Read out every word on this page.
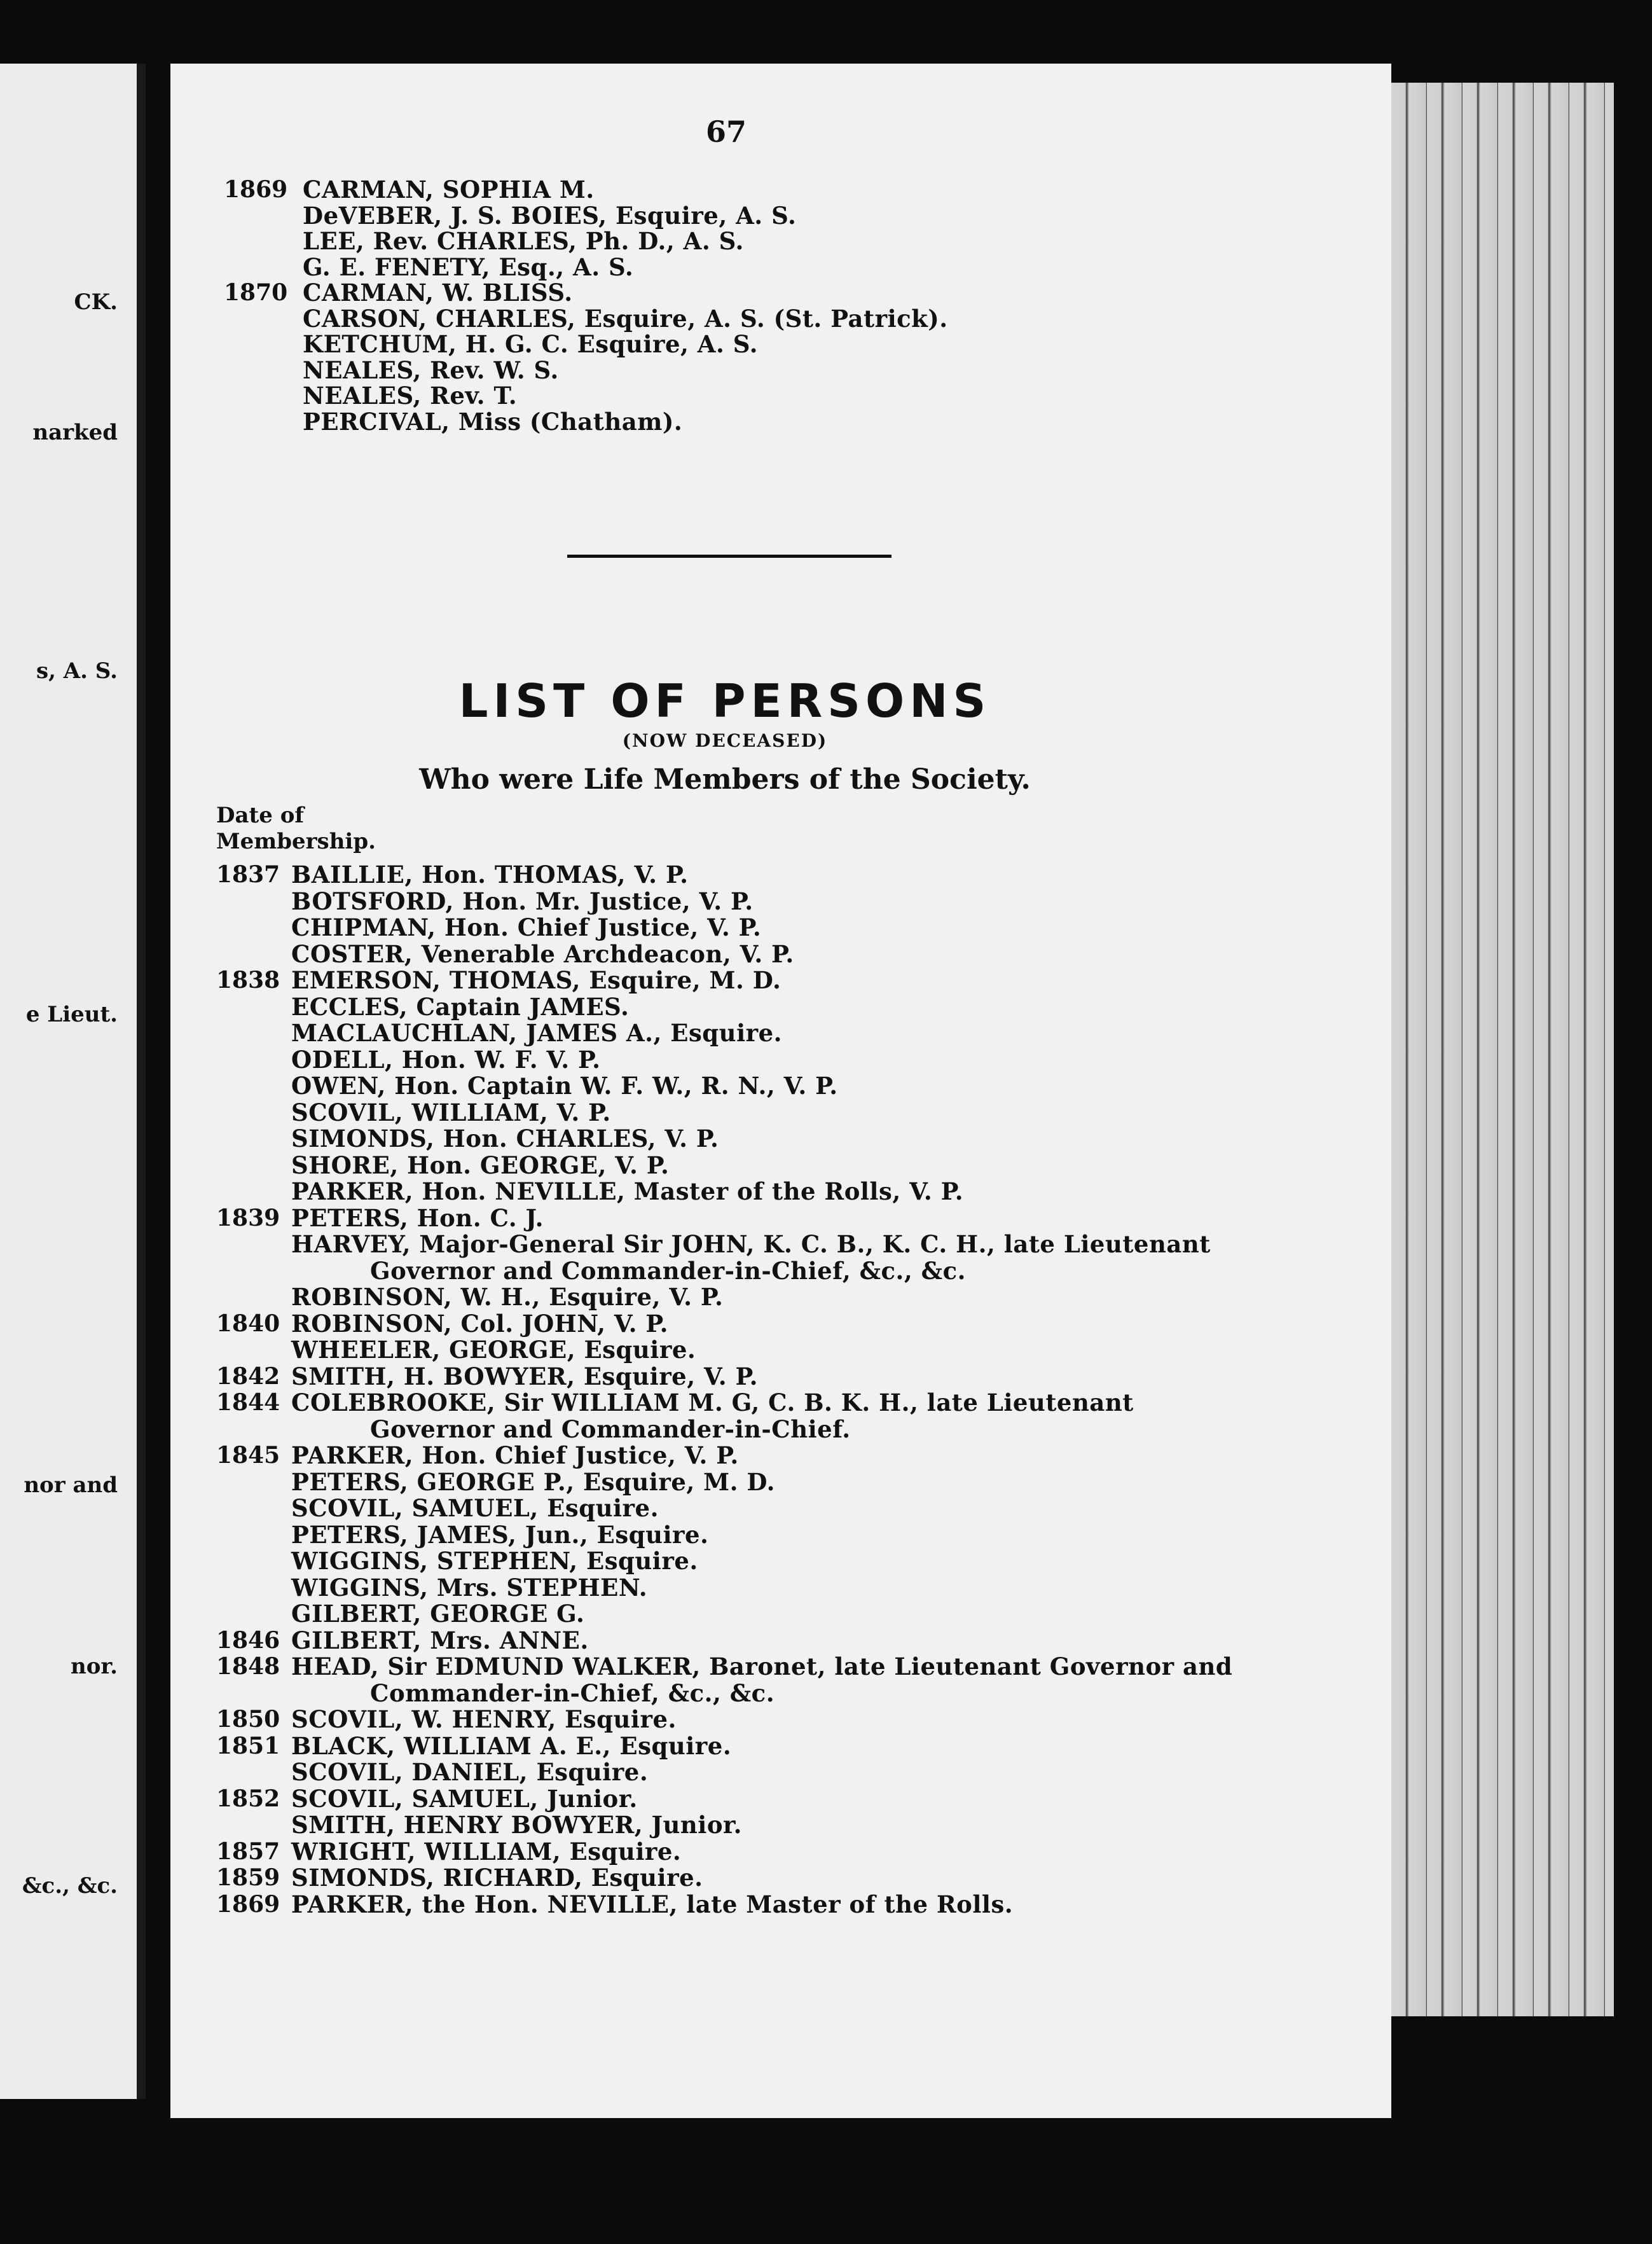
CK.
narked
s, A. S.
e Lieut.
nor and
nor.
&c., &c.
67
1869 CARMAN, SOPHIA M.
DeVEBER, J. S. BOIES, Esquire, A. S.
LEE, Rev. CHARLES, Ph. D., A. S.
G. E. FENETY, Esq., A. S.
1870 CARMAN, W. BLISS.
CARSON, CHARLES, Esquire, A. S. (St. Patrick).
KETCHUM, H. G. C. Esquire, A. S.
NEALES, Rev. W. S.
NEALES, Rev. T.
PERCIVAL, Miss (Chatham).
LIST OF PERSONS
(NOW DECEASED)
Who were Life Members of the Society.
Date of
Membership.
1837 BAILLIE, Hon. THOMAS, V. P.
BOTSFORD, Hon. Mr. Justice, V. P.
CHIPMAN, Hon. Chief Justice, V. P.
COSTER, Venerable Archdeacon, V. P.
1838 EMERSON, THOMAS, Esquire, M. D.
ECCLES, Captain JAMES.
MACLAUCHLAN, JAMES A., Esquire.
ODELL, Hon. W. F. V. P.
OWEN, Hon. Captain W. F. W., R. N., V. P.
SCOVIL, WILLIAM, V. P.
SIMONDS, Hon. CHARLES, V. P.
SHORE, Hon. GEORGE, V. P.
PARKER, Hon. NEVILLE, Master of the Rolls, V. P.
1839 PETERS, Hon. C. J.
HARVEY, Major-General Sir JOHN, K. C. B., K. C. H., late Lieutenant
Governor and Commander-in-Chief, &c., &c.
ROBINSON, W. H., Esquire, V. P.
1840 ROBINSON, Col. JOHN, V. P.
WHEELER, GEORGE, Esquire.
1842 SMITH, H. BOWYER, Esquire, V. P.
1844 COLEBROOKE, Sir WILLIAM M. G, C. B. K. H., late Lieutenant
Governor and Commander-in-Chief.
1845 PARKER, Hon. Chief Justice, V. P.
PETERS, GEORGE P., Esquire, M. D.
SCOVIL, SAMUEL, Esquire.
PETERS, JAMES, Jun., Esquire.
WIGGINS, STEPHEN, Esquire.
WIGGINS, Mrs. STEPHEN.
GILBERT, GEORGE G.
1846 GILBERT, Mrs. ANNE.
1848 HEAD, Sir EDMUND WALKER, Baronet, late Lieutenant Governor and
Commander-in-Chief, &c., &c.
1850 SCOVIL, W. HENRY, Esquire.
1851 BLACK, WILLIAM A. E., Esquire.
SCOVIL, DANIEL, Esquire.
1852 SCOVIL, SAMUEL, Junior.
SMITH, HENRY BOWYER, Junior.
1857 WRIGHT, WILLIAM, Esquire.
1859 SIMONDS, RICHARD, Esquire.
1869 PARKER, the Hon. NEVILLE, late Master of the Rolls.
